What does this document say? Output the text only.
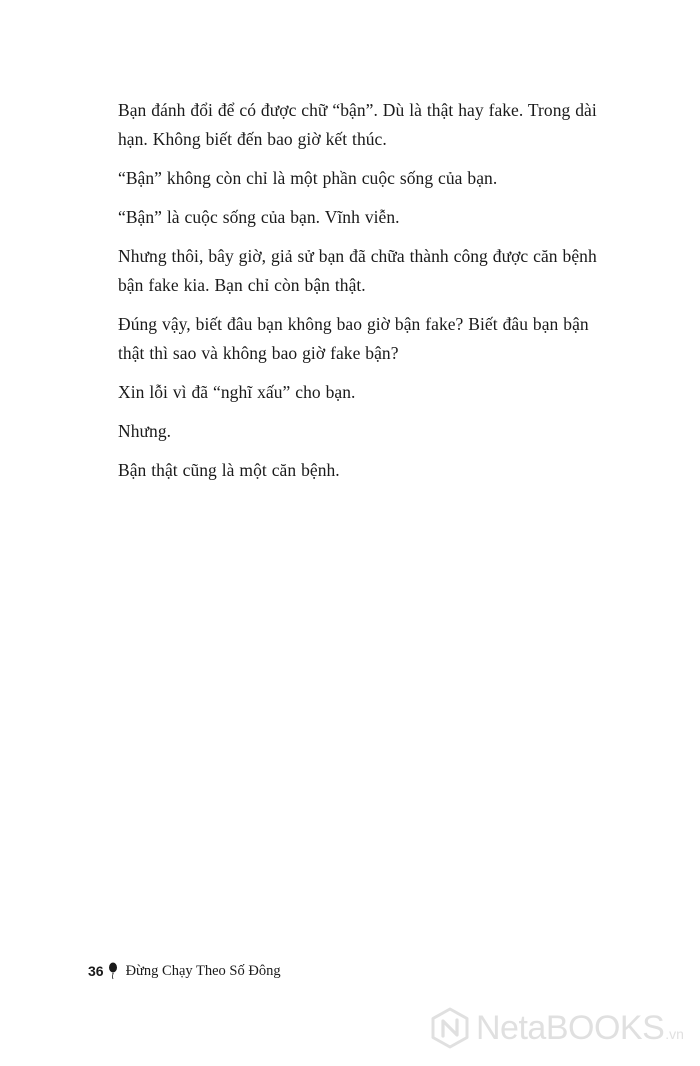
Bạn đánh đổi để có được chữ “bận”. Dù là thật hay fake. Trong dài
hạn. Không biết đến bao giờ kết thúc.

“Bận” không còn chỉ là một phần cuộc sống của bạn.

“Bận” là cuộc sống của bạn. Vĩnh viễn.

Nhưng thôi, bây giờ, giả sử bạn đã chữa thành công được căn bệnh
bận fake kia. Bạn chỉ còn bận thật.

Đúng vậy, biết đâu bạn không bao giờ bận fake? Biết đâu bạn bận
thật thì sao và không bao giờ fake bận?

Xin lỗi vì đã “nghĩ xấu” cho bạn.

Nhưng.

Bận thật cũng là một căn bệnh.

36 Đừng Chạy Theo Số Đông
NetaBOOKS .vn
